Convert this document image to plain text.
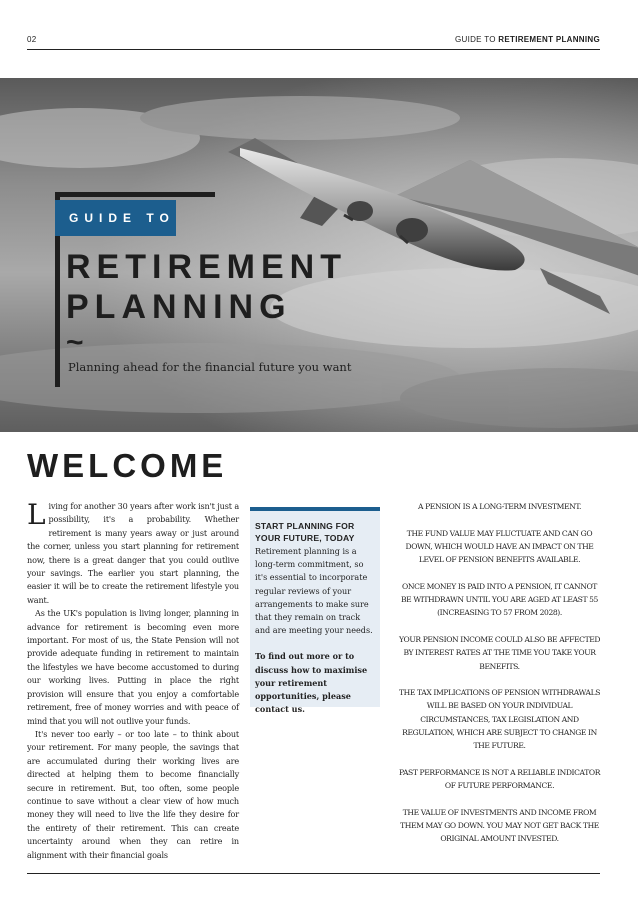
02	GUIDE TO RETIREMENT PLANNING
GUIDE TO
RETIREMENT
PLANNING
~
Planning ahead for the financial future you want
WELCOME

Living for another 30 years after work isn't just a possibility, it's a probability. Whether retirement is many years away or just around the corner, unless you start planning for retirement now, there is a great danger that you could outlive your savings. The earlier you start planning, the easier it will be to create the retirement lifestyle you want.

As the UK's population is living longer, planning in advance for retirement is becoming even more important. For most of us, the State Pension will not provide adequate funding in retirement to maintain the lifestyles we have become accustomed to during our working lives. Putting in place the right provision will ensure that you enjoy a comfortable retirement, free of money worries and with peace of mind that you will not outlive your funds.

It's never too early – or too late – to think about your retirement. For many people, the savings that are accumulated during their working lives are directed at helping them to become financially secure in retirement. But, too often, some people continue to save without a clear view of how much money they will need to live the life they desire for the entirety of their retirement. This can create uncertainty around when they can retire in alignment with their financial goals

START PLANNING FOR YOUR FUTURE, TODAY
Retirement planning is a long-term commitment, so it's essential to incorporate regular reviews of your arrangements to make sure that they remain on track and are meeting your needs.
To find out more or to discuss how to maximise your retirement opportunities, please contact us.

A PENSION IS A LONG-TERM INVESTMENT.

THE FUND VALUE MAY FLUCTUATE AND CAN GO DOWN, WHICH WOULD HAVE AN IMPACT ON THE LEVEL OF PENSION BENEFITS AVAILABLE.

ONCE MONEY IS PAID INTO A PENSION, IT CANNOT BE WITHDRAWN UNTIL YOU ARE AGED AT LEAST 55 (INCREASING TO 57 FROM 2028).

YOUR PENSION INCOME COULD ALSO BE AFFECTED BY INTEREST RATES AT THE TIME YOU TAKE YOUR BENEFITS.

THE TAX IMPLICATIONS OF PENSION WITHDRAWALS WILL BE BASED ON YOUR INDIVIDUAL CIRCUMSTANCES, TAX LEGISLATION AND REGULATION, WHICH ARE SUBJECT TO CHANGE IN THE FUTURE.

PAST PERFORMANCE IS NOT A RELIABLE INDICATOR OF FUTURE PERFORMANCE.

THE VALUE OF INVESTMENTS AND INCOME FROM THEM MAY GO DOWN. YOU MAY NOT GET BACK THE ORIGINAL AMOUNT INVESTED.
